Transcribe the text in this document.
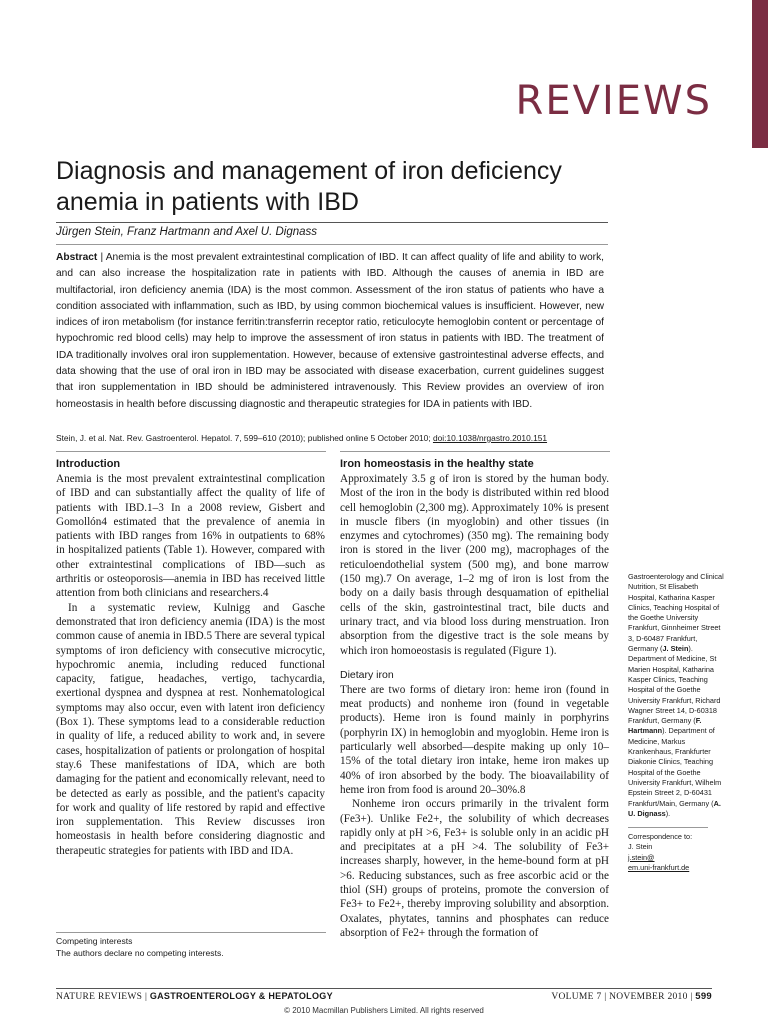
REVIEWS
Diagnosis and management of iron deficiency anemia in patients with IBD
Jürgen Stein, Franz Hartmann and Axel U. Dignass

Abstract | Anemia is the most prevalent extraintestinal complication of IBD. It can affect quality of life and ability to work, and can also increase the hospitalization rate in patients with IBD. Although the causes of anemia in IBD are multifactorial, iron deficiency anemia (IDA) is the most common. Assessment of the iron status of patients who have a condition associated with inflammation, such as IBD, by using common biochemical values is insufficient. However, new indices of iron metabolism (for instance ferritin:transferrin receptor ratio, reticulocyte hemoglobin content or percentage of hypochromic red blood cells) may help to improve the assessment of iron status in patients with IBD. The treatment of IDA traditionally involves oral iron supplementation. However, because of extensive gastrointestinal adverse effects, and data showing that the use of oral iron in IBD may be associated with disease exacerbation, current guidelines suggest that iron supplementation in IBD should be administered intravenously. This Review provides an overview of iron homeostasis in health before discussing diagnostic and therapeutic strategies for IDA in patients with IBD.

Stein, J. et al. Nat. Rev. Gastroenterol. Hepatol. 7, 599–610 (2010); published online 5 October 2010; doi:10.1038/nrgastro.2010.151
Introduction

Anemia is the most prevalent extraintestinal complication of IBD and can substantially affect the quality of life of patients with IBD.1–3 In a 2008 review, Gisbert and Gomollón4 estimated that the prevalence of anemia in patients with IBD ranges from 16% in outpatients to 68% in hospitalized patients (Table 1). However, compared with other extraintestinal complications of IBD—such as arthritis or osteoporosis—anemia in IBD has received little attention from both clinicians and researchers.4

In a systematic review, Kulnigg and Gasche demonstrated that iron deficiency anemia (IDA) is the most common cause of anemia in IBD.5 There are several typical symptoms of iron deficiency with consecutive microcytic, hypochromic anemia, including reduced functional capacity, fatigue, headaches, vertigo, tachycardia, exertional dyspnea and dyspnea at rest. Nonhematological symptoms may also occur, even with latent iron deficiency (Box 1). These symptoms lead to a considerable reduction in quality of life, a reduced ability to work and, in severe cases, hospitalization of patients or prolongation of hospital stay.6 These manifestations of IDA, which are both damaging for the patient and economically relevant, need to be detected as early as possible, and the patient's capacity for work and quality of life restored by rapid and effective iron supplementation. This Review discusses iron homeostasis in health before considering diagnostic and therapeutic strategies for patients with IBD and IDA.

Competing interests
The authors declare no competing interests.
Iron homeostasis in the healthy state

Approximately 3.5 g of iron is stored by the human body. Most of the iron in the body is distributed within red blood cell hemoglobin (2,300 mg). Approximately 10% is present in muscle fibers (in myoglobin) and other tissues (in enzymes and cytochromes) (350 mg). The remaining body iron is stored in the liver (200 mg), macrophages of the reticuloendothelial system (500 mg), and bone marrow (150 mg).7 On average, 1–2 mg of iron is lost from the body on a daily basis through desquamation of epithelial cells of the skin, gastrointestinal tract, bile ducts and urinary tract, and via blood loss during menstruation. Iron absorption from the digestive tract is the sole means by which iron homoeostasis is regulated (Figure 1).

Dietary iron

There are two forms of dietary iron: heme iron (found in meat products) and nonheme iron (found in vegetable products). Heme iron is found mainly in porphyrins (porphyrin IX) in hemoglobin and myoglobin. Heme iron is particularly well absorbed—despite making up only 10–15% of the total dietary iron intake, heme iron makes up 40% of iron absorbed by the body. The bioavailability of heme iron from food is around 20–30%.8

Nonheme iron occurs primarily in the trivalent form (Fe3+). Unlike Fe2+, the solubility of which decreases rapidly only at pH >6, Fe3+ is soluble only in an acidic pH and precipitates at a pH >4. The solubility of Fe3+ increases sharply, however, in the heme-bound form at pH >6. Reducing substances, such as free ascorbic acid or the thiol (SH) groups of proteins, promote the conversion of Fe3+ to Fe2+, thereby improving solubility and absorption. Oxalates, phytates, tannins and phosphates can reduce absorption of Fe2+ through the formation of

Gastroenterology and Clinical Nutrition, St Elisabeth Hospital, Katharina Kasper Clinics, Teaching Hospital of the Goethe University Frankfurt, Ginnheimer Street 3, D-60487 Frankfurt, Germany (J. Stein). Department of Medicine, St Marien Hospital, Katharina Kasper Clinics, Teaching Hospital of the Goethe University Frankfurt, Richard Wagner Street 14, D-60318 Frankfurt, Germany (F. Hartmann). Department of Medicine, Markus Krankenhaus, Frankfurter Diakonie Clinics, Teaching Hospital of the Goethe University Frankfurt, Wilhelm Epstein Street 2, D-60431 Frankfurt/Main, Germany (A. U. Dignass).
Correspondence to:
J. Stein
j.stein@
em.uni-frankfurt.de
NATURE REVIEWS | GASTROENTEROLOGY & HEPATOLOGY	VOLUME 7 | NOVEMBER 2010 | 599
© 2010 Macmillan Publishers Limited. All rights reserved
